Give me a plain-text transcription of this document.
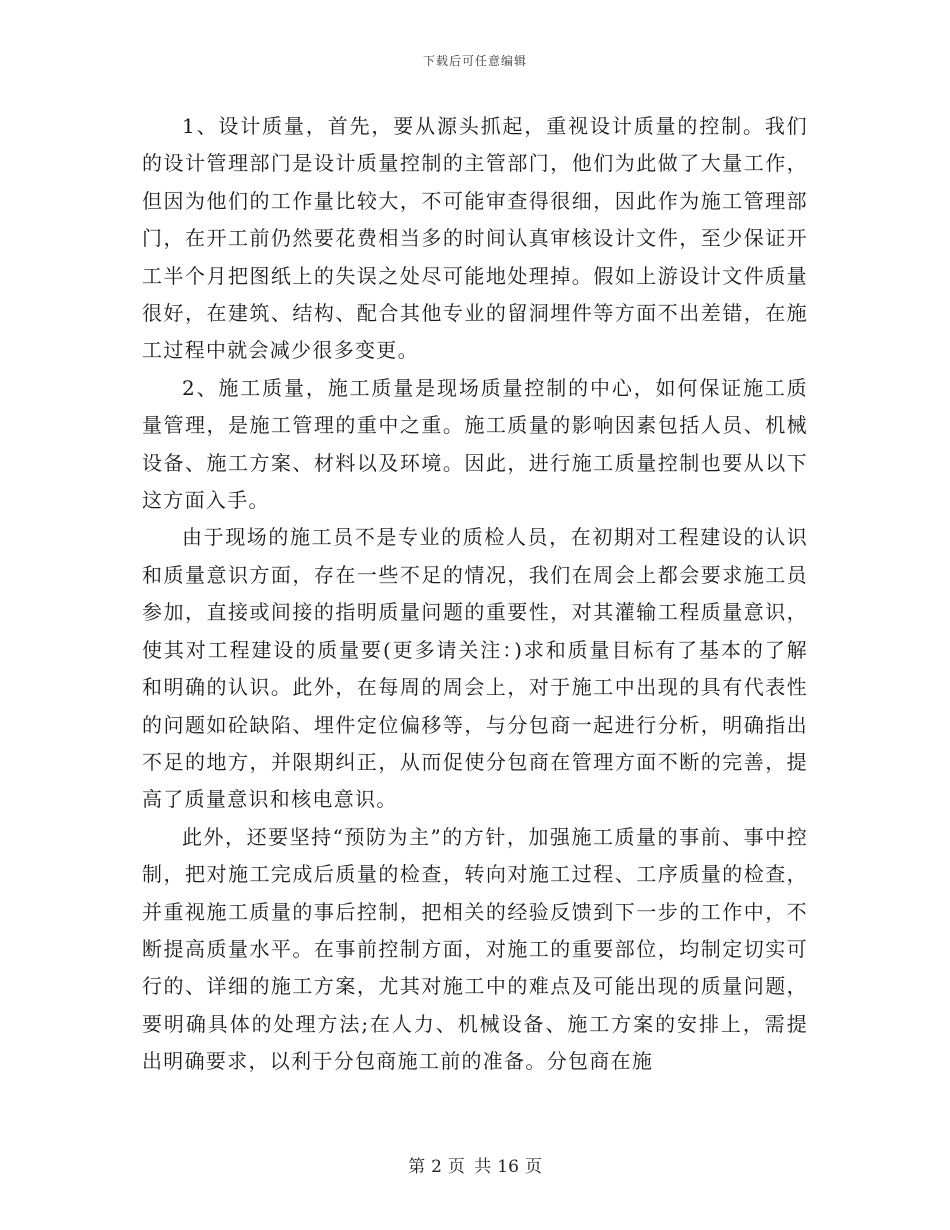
下载后可任意编辑

1、设计质量，首先，要从源头抓起，重视设计质量的控制。我们的设计管理部门是设计质量控制的主管部门，他们为此做了大量工作，但因为他们的工作量比较大，不可能审查得很细，因此作为施工管理部门，在开工前仍然要花费相当多的时间认真审核设计文件，至少保证开工半个月把图纸上的失误之处尽可能地处理掉。假如上游设计文件质量很好，在建筑、结构、配合其他专业的留洞埋件等方面不出差错，在施工过程中就会减少很多变更。

2、施工质量，施工质量是现场质量控制的中心，如何保证施工质量管理，是施工管理的重中之重。施工质量的影响因素包括人员、机械设备、施工方案、材料以及环境。因此，进行施工质量控制也要从以下这方面入手。

由于现场的施工员不是专业的质检人员，在初期对工程建设的认识和质量意识方面，存在一些不足的情况，我们在周会上都会要求施工员参加，直接或间接的指明质量问题的重要性，对其灌输工程质量意识，使其对工程建设的质量要(更多请关注：)求和质量目标有了基本的了解和明确的认识。此外，在每周的周会上，对于施工中出现的具有代表性的问题如砼缺陷、埋件定位偏移等，与分包商一起进行分析，明确指出不足的地方，并限期纠正，从而促使分包商在管理方面不断的完善，提高了质量意识和核电意识。

此外，还要坚持“预防为主”的方针，加强施工质量的事前、事中控制，把对施工完成后质量的检查，转向对施工过程、工序质量的检查，并重视施工质量的事后控制，把相关的经验反馈到下一步的工作中，不断提高质量水平。在事前控制方面，对施工的重要部位，均制定切实可行的、详细的施工方案，尤其对施工中的难点及可能出现的质量问题，要明确具体的处理方法;在人力、机械设备、施工方案的安排上，需提出明确要求，以利于分包商施工前的准备。分包商在施

第 2 页 共 16 页
